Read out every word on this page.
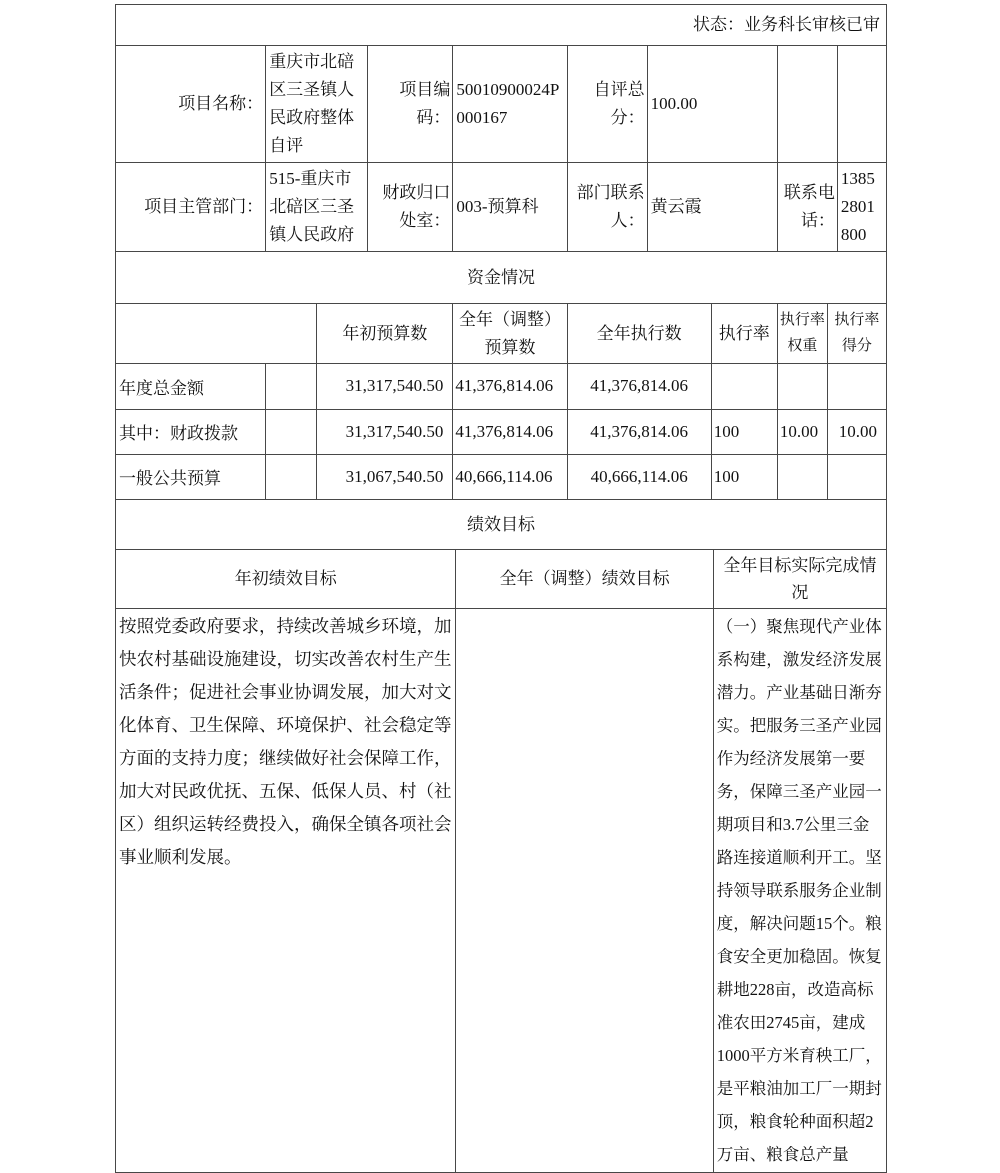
状态：业务科长审核已审
项目名称：	重庆市北碚区三圣镇人民政府整体自评	项目编码：	50010900024P000167	自评总分：	100.00		
项目主管部门：	515-重庆市北碚区三圣镇人民政府	财政归口处室：	003-预算科	部门联系人：	黄云霞	联系电话：	13852801800
资金情况
		年初预算数	全年（调整）预算数	全年执行数	执行率	执行率权重	执行率得分
年度总金额		31,317,540.50	41,376,814.06	41,376,814.06			
其中：财政拨款		31,317,540.50	41,376,814.06	41,376,814.06	100	10.00	10.00
一般公共预算		31,067,540.50	40,666,114.06	40,666,114.06	100		
绩效目标
年初绩效目标	全年（调整）绩效目标	全年目标实际完成情况
按照党委政府要求，持续改善城乡环境，加快农村基础设施建设，切实改善农村生产生活条件；促进社会事业协调发展，加大对文化体育、卫生保障、环境保护、社会稳定等方面的支持力度；继续做好社会保障工作，加大对民政优抚、五保、低保人员、村（社区）组织运转经费投入，确保全镇各项社会事业顺利发展。		（一）聚焦现代产业体系构建，激发经济发展潜力。产业基础日渐夯实。把服务三圣产业园作为经济发展第一要务，保障三圣产业园一期项目和3.7公里三金路连接道顺利开工。坚持领导联系服务企业制度，解决问题15个。粮食安全更加稳固。恢复耕地228亩，改造高标准农田2745亩，建成1000平方米育秧工厂，是平粮油加工厂一期封顶，粮食轮种面积超2万亩、粮食总产量
